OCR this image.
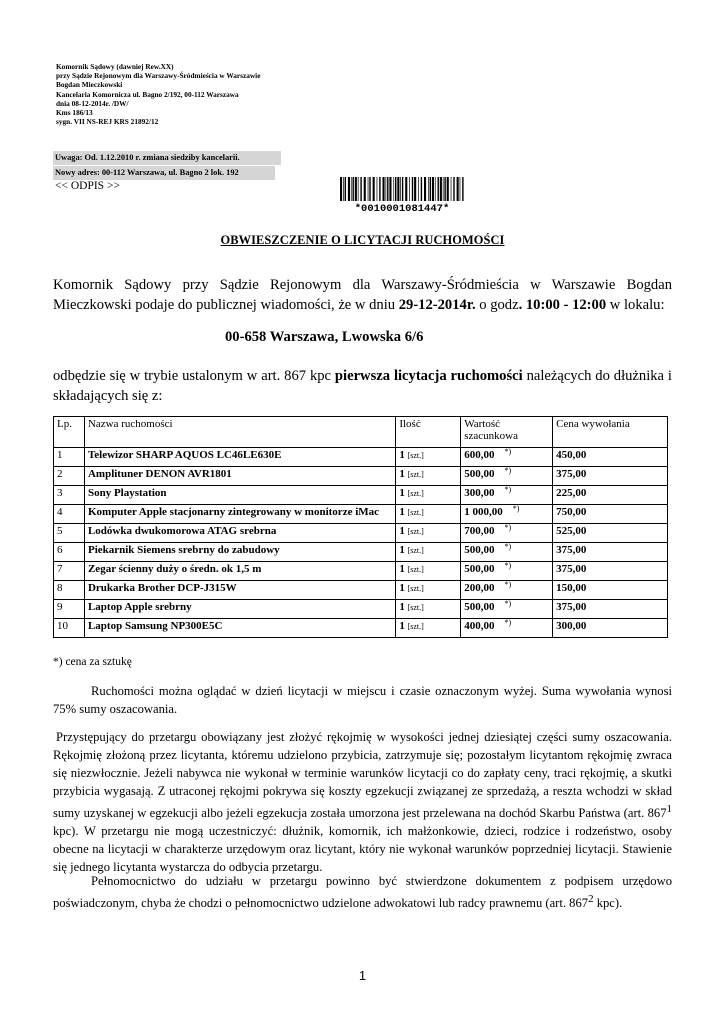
Komornik Sądowy (dawniej Rew.XX)
przy Sądzie Rejonowym dla Warszawy-Śródmieścia w Warszawie
Bogdan Mieczkowski
Kancelaria Komornicza ul. Bagno 2/192, 00-112 Warszawa
dnia 08-12-2014r. /DW/
Kms 186/13
sygn. VII NS-REJ KRS 21892/12
Uwaga: Od. 1.12.2010 r. zmiana siedziby kancelarii.
Nowy adres: 00-112 Warszawa, ul. Bagno 2 lok. 192
<< ODPIS >>
*0010001081447*
OBWIESZCZENIE O LICYTACJI RUCHOMOŚCI
Komornik Sądowy przy Sądzie Rejonowym dla Warszawy-Śródmieścia w Warszawie Bogdan Mieczkowski podaje do publicznej wiadomości, że w dniu 29-12-2014r. o godz. 10:00 - 12:00 w lokalu:
00-658 Warszawa, Lwowska 6/6
odbędzie się w trybie ustalonym w art. 867 kpc pierwsza licytacja ruchomości należących do dłużnika i składających się z:
Lp.	Nazwa ruchomości	Ilość	Wartość szacunkowa	Cena wywołania
1	Telewizor SHARP AQUOS LC46LE630E	1 [szt.]	600,00 *)	450,00
2	Amplituner DENON AVR1801	1 [szt.]	500,00 *)	375,00
3	Sony Playstation	1 [szt.]	300,00 *)	225,00
4	Komputer Apple stacjonarny zintegrowany w monitorze iMac	1 [szt.]	1 000,00 *)	750,00
5	Lodówka dwukomorowa ATAG srebrna	1 [szt.]	700,00 *)	525,00
6	Piekarnik Siemens srebrny do zabudowy	1 [szt.]	500,00 *)	375,00
7	Zegar ścienny duży o średn. ok 1,5 m	1 [szt.]	500,00 *)	375,00
8	Drukarka Brother DCP-J315W	1 [szt.]	200,00 *)	150,00
9	Laptop Apple srebrny	1 [szt.]	500,00 *)	375,00
10	Laptop Samsung NP300E5C	1 [szt.]	400,00 *)	300,00
*) cena za sztukę
Ruchomości można oglądać w dzień licytacji w miejscu i czasie oznaczonym wyżej. Suma wywołania wynosi 75% sumy oszacowania.
Przystępujący do przetargu obowiązany jest złożyć rękojmię w wysokości jednej dziesiątej części sumy oszacowania. Rękojmię złożoną przez licytanta, któremu udzielono przybicia, zatrzymuje się; pozostałym licytantom rękojmię zwraca się niezwłocznie. Jeżeli nabywca nie wykonał w terminie warunków licytacji co do zapłaty ceny, traci rękojmię, a skutki przybicia wygasają. Z utraconej rękojmi pokrywa się koszty egzekucji związanej ze sprzedażą, a reszta wchodzi w skład sumy uzyskanej w egzekucji albo jeżeli egzekucja została umorzona jest przelewana na dochód Skarbu Państwa (art. $867^1$ kpc). W przetargu nie mogą uczestniczyć: dłużnik, komornik, ich małżonkowie, dzieci, rodzice i rodzeństwo, osoby obecne na licytacji w charakterze urzędowym oraz licytant, który nie wykonał warunków poprzedniej licytacji. Stawienie się jednego licytanta wystarcza do odbycia przetargu.
Pełnomocnictwo do udziału w przetargu powinno być stwierdzone dokumentem z podpisem urzędowo poświadczonym, chyba że chodzi o pełnomocnictwo udzielone adwokatowi lub radcy prawnemu (art. $867^2$ kpc).
1
